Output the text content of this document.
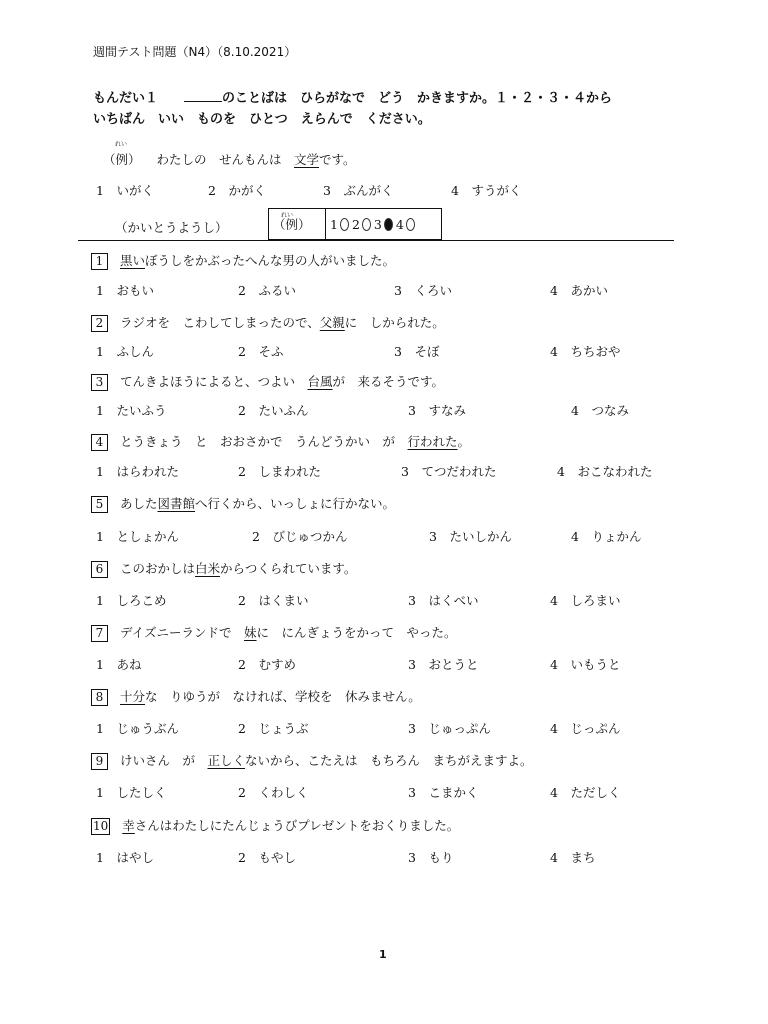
週間テスト問題（N4）（8.10.2021）
もんだい１	のことばは　ひらがなで　どう　かきますか。１・２・３・４から
いちばん　いい　ものを　ひとつ　えらんで　ください。
れい
（例） わたしの　せんもんは　文学です。
1　いがく	2　かがく	3　ぶんがく	4　すうがく
（かいとうようし）
れい
（例） 1 2 3 4
1 黒いぼうしをかぶったへんな男の人がいました。
1　おもい	2　ふるい	3　くろい	4　あかい
2 ラジオを　こわしてしまったので、父親に　しかられた。
1　ふしん	2　そふ	3　そぼ	4　ちちおや
3 てんきよほうによると、つよい　台風が　来るそうです。
1　たいふう	2　たいふん	3　すなみ	4　つなみ
4 とうきょう　と　おおさかで　うんどうかい　が　行われた。
1　はらわれた	2　しまわれた	3　てつだわれた	4　おこなわれた
5 あした図書館へ行くから、いっしょに行かない。
1　としょかん	2　びじゅつかん	3　たいしかん	4　りょかん
6 このおかしは白米からつくられています。
1　しろこめ	2　はくまい	3　はくべい	4　しろまい
7 デイズニーランドで　妹に　にんぎょうをかって　やった。
1　あね	2　むすめ	3　おとうと	4　いもうと
8 十分な　りゆうが　なければ、学校を　休みません。
1　じゅうぶん	2　じょうぶ	3　じゅっぷん	4　じっぷん
9 けいさん　が　正しくないから、こたえは　もちろん　まちがえますよ。
1　したしく	2　くわしく	3　こまかく	4　ただしく
10 幸さんはわたしにたんじょうびプレゼントをおくりました。
1　はやし	2　もやし	3　もり	4　まち
1
